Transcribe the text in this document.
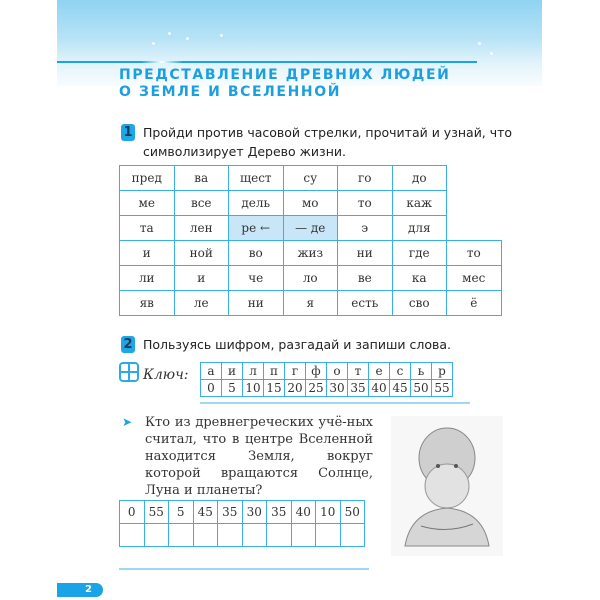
ПРЕДСТАВЛЕНИЕ ДРЕВНИХ ЛЮДЕЙ
О ЗЕМЛЕ И ВСЕЛЕННОЙ
1 Пройди против часовой стрелки, прочитай и узнай, что
символизирует Дерево жизни.
пред	ва	щест	су	го	до	
ме	все	дель	мо	то	каж	
та	лен	ре ←	— де	э	для	
и	ной	во	жиз	ни	где	то
ли	и	че	ло	ве	ка	мес
яв	ле	ни	я	есть	сво	ё
2 Пользуясь шифром, разгадай и запиши слова.
Ключ: а	и	л	п	г	ф	о	т	е	с	ь	р
0	5	10	15	20	25	30	35	40	45	50	55
➤ Кто из древнегреческих учё-ных считал, что в центре Вселенной находится Земля, вокруг которой вращаются Солнце, Луна и планеты?
0	55	5	45	35	30	35	40	10	50

2
